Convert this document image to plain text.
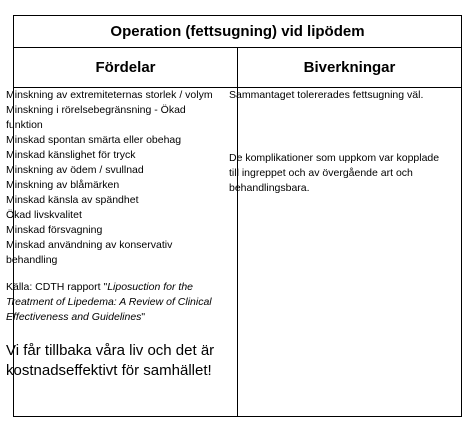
Operation (fettsugning) vid lipödem
Fördelar	Biverkningar
Minskning av extremiteternas storlek / volym
Minskning i rörelsebegränsning - Ökad funktion
Minskad spontan smärta eller obehag
Minskad känslighet för tryck
Minskning av ödem / svullnad
Minskning av blåmärken
Minskad känsla av spändhet
Ökad livskvalitet
Minskad försvagning
Minskad användning av konservativ behandling
Källa: CDTH rapport "Liposuction for the Treatment of Lipedema: A Review of Clinical Effectiveness and Guidelines"
Vi får tillbaka våra liv och det är kostnadseffektivt för samhället!

Sammantaget tolererades fettsugning väl.

De komplikationer som uppkom var kopplade till ingreppet och av övergående art och behandlingsbara.
